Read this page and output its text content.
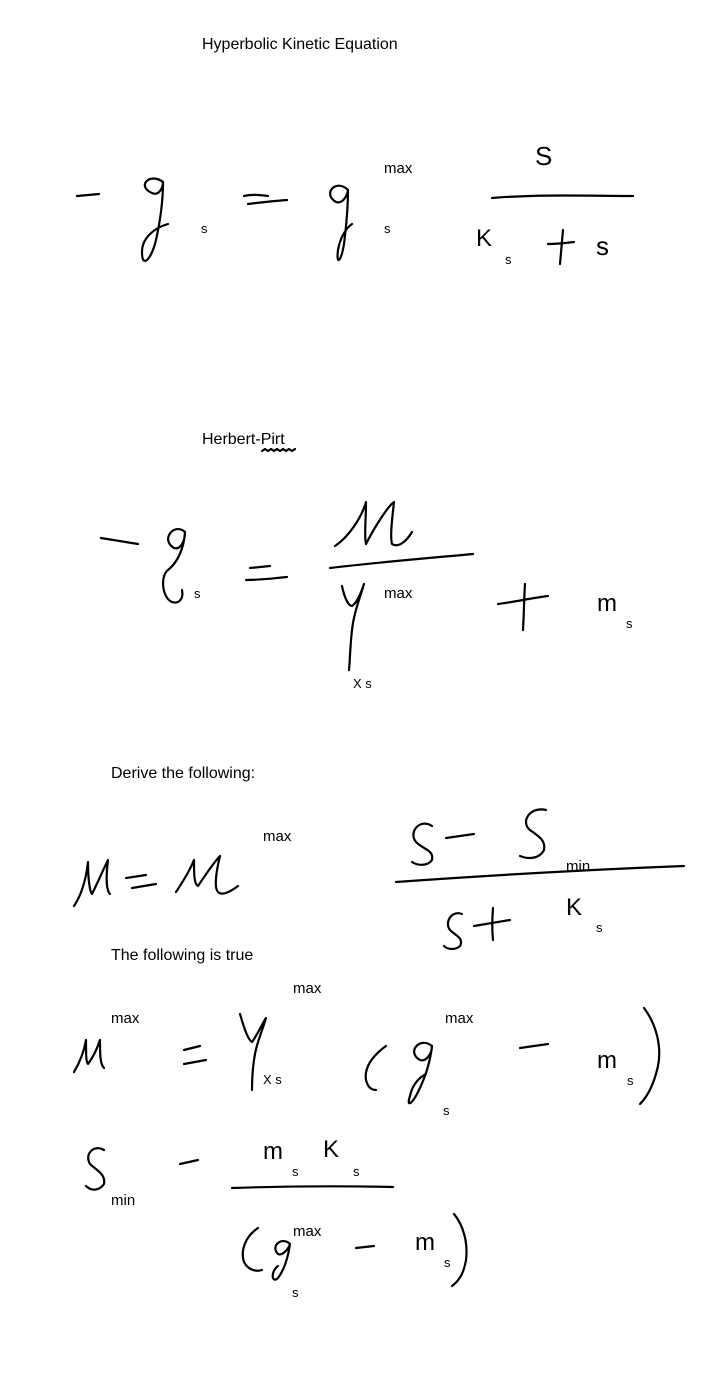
Hyperbolic Kinetic Equation
Herbert-Pirt
Derive the following:
The following is true
s
max
s
S
K
s	s
s	max
X s
m
s
max
min
K
s
max
max
X s
max
s
m
s
min
m
s
K
s
max
s
m
s
